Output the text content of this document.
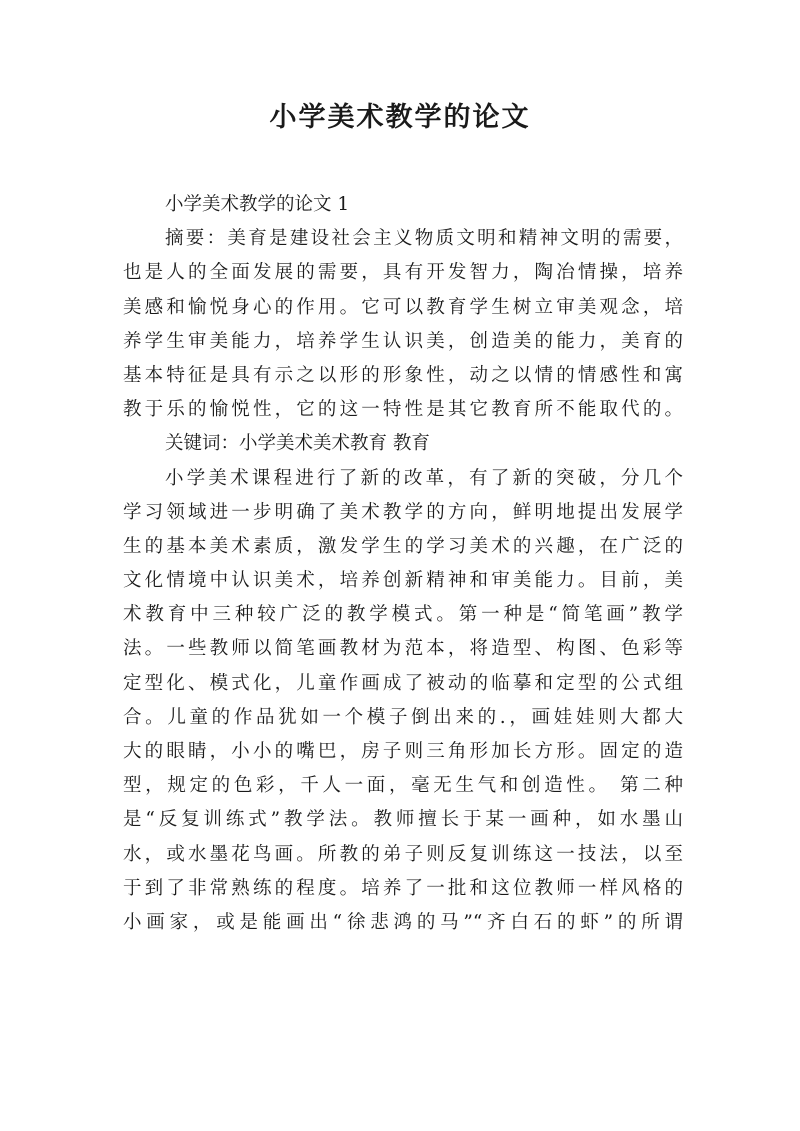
小学美术教学的论文
小学美术教学的论文 1
摘要：美育是建设社会主义物质文明和精神文明的需要，
也是人的全面发展的需要，具有开发智力，陶冶情操，培养
美感和愉悦身心的作用。它可以教育学生树立审美观念，培
养学生审美能力，培养学生认识美，创造美的能力，美育的
基本特征是具有示之以形的形象性，动之以情的情感性和寓
教于乐的愉悦性，它的这一特性是其它教育所不能取代的。
关键词：小学美术美术教育 教育
小学美术课程进行了新的改革，有了新的突破，分几个
学习领域进一步明确了美术教学的方向，鲜明地提出发展学
生的基本美术素质，激发学生的学习美术的兴趣，在广泛的
文化情境中认识美术，培养创新精神和审美能力。目前，美
术教育中三种较广泛的教学模式。第一种是“简笔画”教学
法。一些教师以简笔画教材为范本，将造型、构图、色彩等
定型化、模式化，儿童作画成了被动的临摹和定型的公式组
合。儿童的作品犹如一个模子倒出来的.，画娃娃则大都大
大的眼睛，小小的嘴巴，房子则三角形加长方形。固定的造
型，规定的色彩，千人一面，毫无生气和创造性。 第二种
是“反复训练式”教学法。教师擅长于某一画种，如水墨山
水，或水墨花鸟画。所教的弟子则反复训练这一技法，以至
于到了非常熟练的程度。培养了一批和这位教师一样风格的
小画家，或是能画出“徐悲鸿的马”“齐白石的虾”的所谓
